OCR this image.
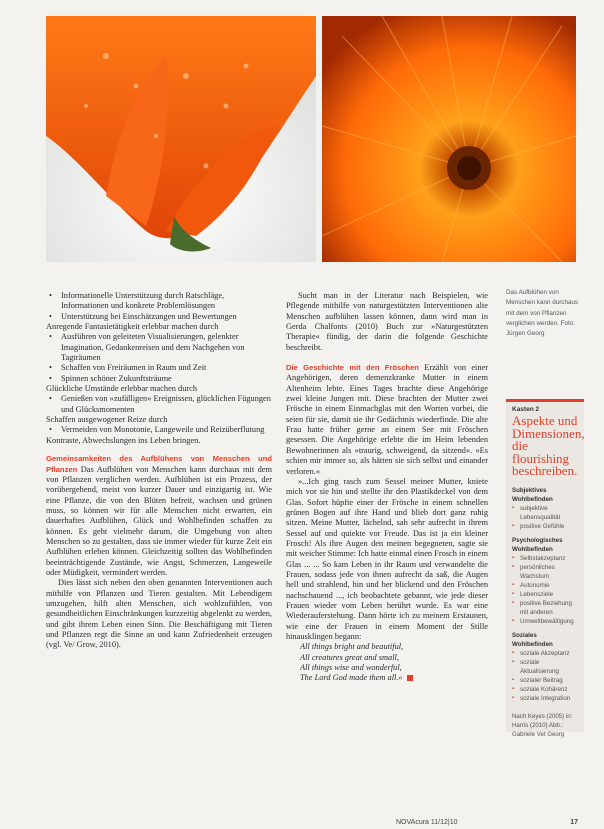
• Informationelle Unterstützung durch Ratschläge, Informationen und konkrete Problemlösungen
• Unterstützung bei Einschätzungen und Bewertungen
Anregende Fantasietätigkeit erlebbar machen durch
• Ausführen von geleiteten Visualisierungen, gelenkter Imagination, Gedankenreisen und dem Nachgehen von Tagträumen
• Schaffen von Freiräumen in Raum und Zeit
• Spinnen schöner Zukunftsträume
Glückliche Umstände erlebbar machen durch
• Genießen von »zufälligen« Ereignissen, glücklichen Fügungen und Glücksmomenten
Schaffen ausgewogener Reize durch
• Vermeiden von Monotonie, Langeweile und Reizüberflutung
Kontraste, Abwechslungen ins Leben bringen.

Gemeinsamkeiten des Aufblühens von Menschen und Pflanzen Das Aufblühen von Menschen kann durchaus mit dem von Pflanzen verglichen werden. Aufblühen ist ein Prozess, der vorübergehend, meist von kurzer Dauer und einzigartig ist. Wie eine Pflanze, die von den Blüten befreit, wachsen und grünen muss, so können wir für alle Menschen nicht erwarten, ein dauerhaftes Aufblühen, Glück und Wohlbefinden schaffen zu können. Es geht vielmehr darum, die Umgebung von alten Menschen so zu gestalten, dass sie immer wieder für kurze Zeit ein Aufblühen erleben können. Gleichzeitig sollten das Wohlbefinden beeinträchtigende Zustände, wie Angst, Schmerzen, Langeweile oder Müdigkeit, vermindert werden.

Dies lässt sich neben den oben genannten Interventionen auch mithilfe von Pflanzen und Tieren gestalten. Mit Lebendigem umzugehen, hilft alten Menschen, sich wohlzufühlen, von gesundheitlichen Einschränkungen kurzzeitig abgelenkt zu werden, und gibt ihrem Leben einen Sinn. Die Beschäftigung mit Tieren und Pflanzen regt die Sinne an und kann Zufriedenheit erzeugen (vgl. Ve/ Grow, 2010).

Sucht man in der Literatur nach Beispielen, wie Pflegende mithilfe von naturgestützten Interventionen alte Menschen aufblühen lassen können, dann wird man in Gerda Chalfonts (2010) Buch zur »Naturgestützten Therapie« fündig, der darin die folgende Geschichte beschreibt.

Die Geschichte mit den Fröschen Erzählt von einer Angehörigen, deren demenzkranke Mutter in einem Altenheim lebte. Eines Tages brachte diese Angehörige zwei kleine Jungen mit. Diese brachten der Mutter zwei Frösche in einem Einmachglas mit den Worten vorbei, die seien für sie, damit sie ihr Gedächtnis wiederfinde. Die alte Frau hatte früher gerne an einem See mit Fröschen gesessen. Die Angehörige erlebte die im Heim lebenden Bewohnerinnen als »traurig, schweigend, da sitzend«. »Es schien mir immer so, als hätten sie sich selbst und einander verloren.«

»...Ich ging rasch zum Sessel meiner Mutter, kniete mich vor sie hin und stellte ihr den Plastikdeckel von dem Glas. Sofort hüpfte einer der Frösche in einem schnellen grünen Bogen auf ihre Hand und blieb dort ganz ruhig sitzen. Meine Mutter, lächelnd, sah sehr aufrecht in ihrem Sessel auf und quiekte vor Freude. Das ist ja ein kleiner Frosch! Als ihre Augen den meinen begegneten, sagte sie mit weicher Stimme: Ich hatte einmal einen Frosch in einem Glas ... ... So kam Leben in ihr Raum und verwandelte die Frauen, sodass jede von ihnen aufrecht da saß, die Augen hell und strahlend, hin und her blickend und den Fröschen nachschauend ..., ich beobachtete gebannt, wie jede dieser Frauen wieder vom Leben berührt wurde. Es war eine Wiederauferstehung. Dann hörte ich zu meinem Erstaunen, wie eine der Frauen in einem Moment der Stille hinausklingen begann:

All things bright and beautiful,
All creatures great and small,
All things wise and wonderful,
The Lord God made them all.«
Das Aufblühen von Menschen kann durchaus mit dem von Pflanzen verglichen werden. Foto: Jürgen Georg
Kasten 2
Aspekte und Dimensionen, die flourishing beschreiben.
Subjektives Wohlbefinden
▪ subjektive Lebensqualität
▪ positive Gefühle
Psychologisches Wohlbefinden
▪ Selbstakzeptanz
▪ persönliches Wachstum
▪ Autonomie
▪ Lebensziele
▪ positive Beziehung mit anderen
▪ Umweltbewältigung
Soziales Wohlbefinden
▪ soziale Akzeptanz
▪ soziale Aktualisierung
▪ sozialer Beitrag
▪ soziale Kohärenz
▪ soziale Integration
Nach Keyes (2005) in: Harris (2010) Abb.: Gabriele Vet Georg
NOVAcura 11/12|10	17
